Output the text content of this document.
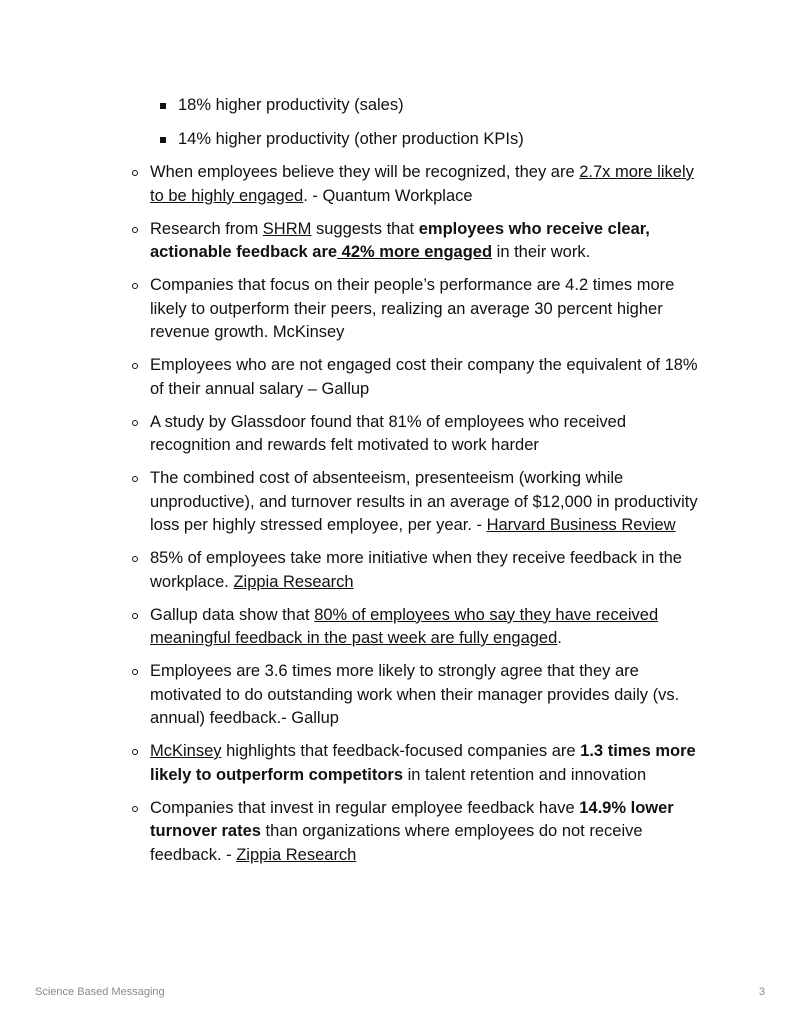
18% higher productivity (sales)
14% higher productivity (other production KPIs)
When employees believe they will be recognized, they are 2.7x more likely to be highly engaged. - Quantum Workplace
Research from SHRM suggests that employees who receive clear, actionable feedback are 42% more engaged in their work.
Companies that focus on their people’s performance are 4.2 times more likely to outperform their peers, realizing an average 30 percent higher revenue growth. McKinsey
Employees who are not engaged cost their company the equivalent of 18% of their annual salary – Gallup
A study by Glassdoor found that 81% of employees who received recognition and rewards felt motivated to work harder
The combined cost of absenteeism, presenteeism (working while unproductive), and turnover results in an average of $12,000 in productivity loss per highly stressed employee, per year. - Harvard Business Review
85% of employees take more initiative when they receive feedback in the workplace. Zippia Research
Gallup data show that 80% of employees who say they have received meaningful feedback in the past week are fully engaged.
Employees are 3.6 times more likely to strongly agree that they are motivated to do outstanding work when their manager provides daily (vs. annual) feedback.- Gallup
McKinsey highlights that feedback-focused companies are 1.3 times more likely to outperform competitors in talent retention and innovation
Companies that invest in regular employee feedback have 14.9% lower turnover rates than organizations where employees do not receive feedback. - Zippia Research
Science Based Messaging	3
